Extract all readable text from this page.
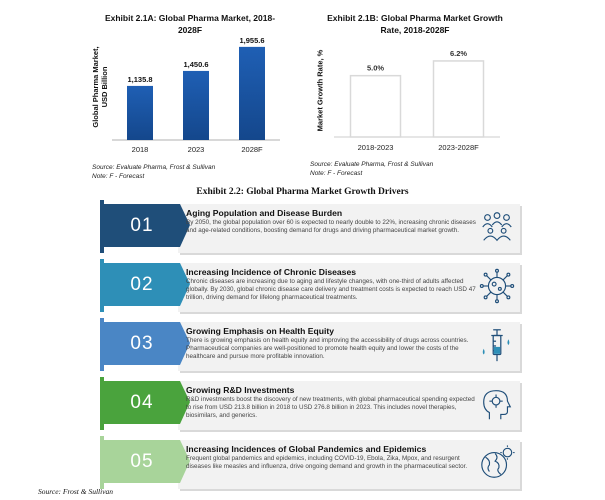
Exhibit 2.1A: Global Pharma Market, 2018-2028F
Global Pharma Market,
USD Billion 1,135.8
2018
1,450.6
2023
1,955.6
2028F
Source: Evaluate Pharma, Frost & Sullivan
Note: F - Forecast
Exhibit 2.1B: Global Pharma Market Growth Rate, 2018-2028F
Market Growth Rate, %	5.0%
2018-2023
6.2%
2023-2028F
Source: Evaluate Pharma, Frost & Sullivan
Note: F - Forecast
Exhibit 2.2: Global Pharma Market Growth Drivers
01
Aging Population and Disease Burden
By 2050, the global population over 60 is expected to nearly double to 22%, increasing chronic diseases and age-related conditions, boosting demand for drugs and driving pharmaceutical market growth.
02
Increasing Incidence of Chronic Diseases
Chronic diseases are increasing due to aging and lifestyle changes, with one-third of adults affected globally. By 2030, global chronic disease care delivery and treatment costs is expected to reach USD 47 trillion, driving demand for lifelong pharmaceutical treatments.
03
Growing Emphasis on Health Equity
There is growing emphasis on health equity and improving the accessibility of drugs across countries. Pharmaceutical companies are well-positioned to promote health equity and lower the costs of the healthcare and pursue more profitable innovation.
04
Growing R&D Investments
R&D investments boost the discovery of new treatments, with global pharmaceutical spending expected to rise from USD 213.8 billion in 2018 to USD 276.8 billion in 2023. This includes novel therapies, biosimilars, and generics.
05
Increasing Incidences of Global Pandemics and Epidemics
Frequent global pandemics and epidemics, including COVID-19, Ebola, Zika, Mpox, and resurgent diseases like measles and influenza, drive ongoing demand and growth in the pharmaceutical sector.
Source: Frost & Sullivan
